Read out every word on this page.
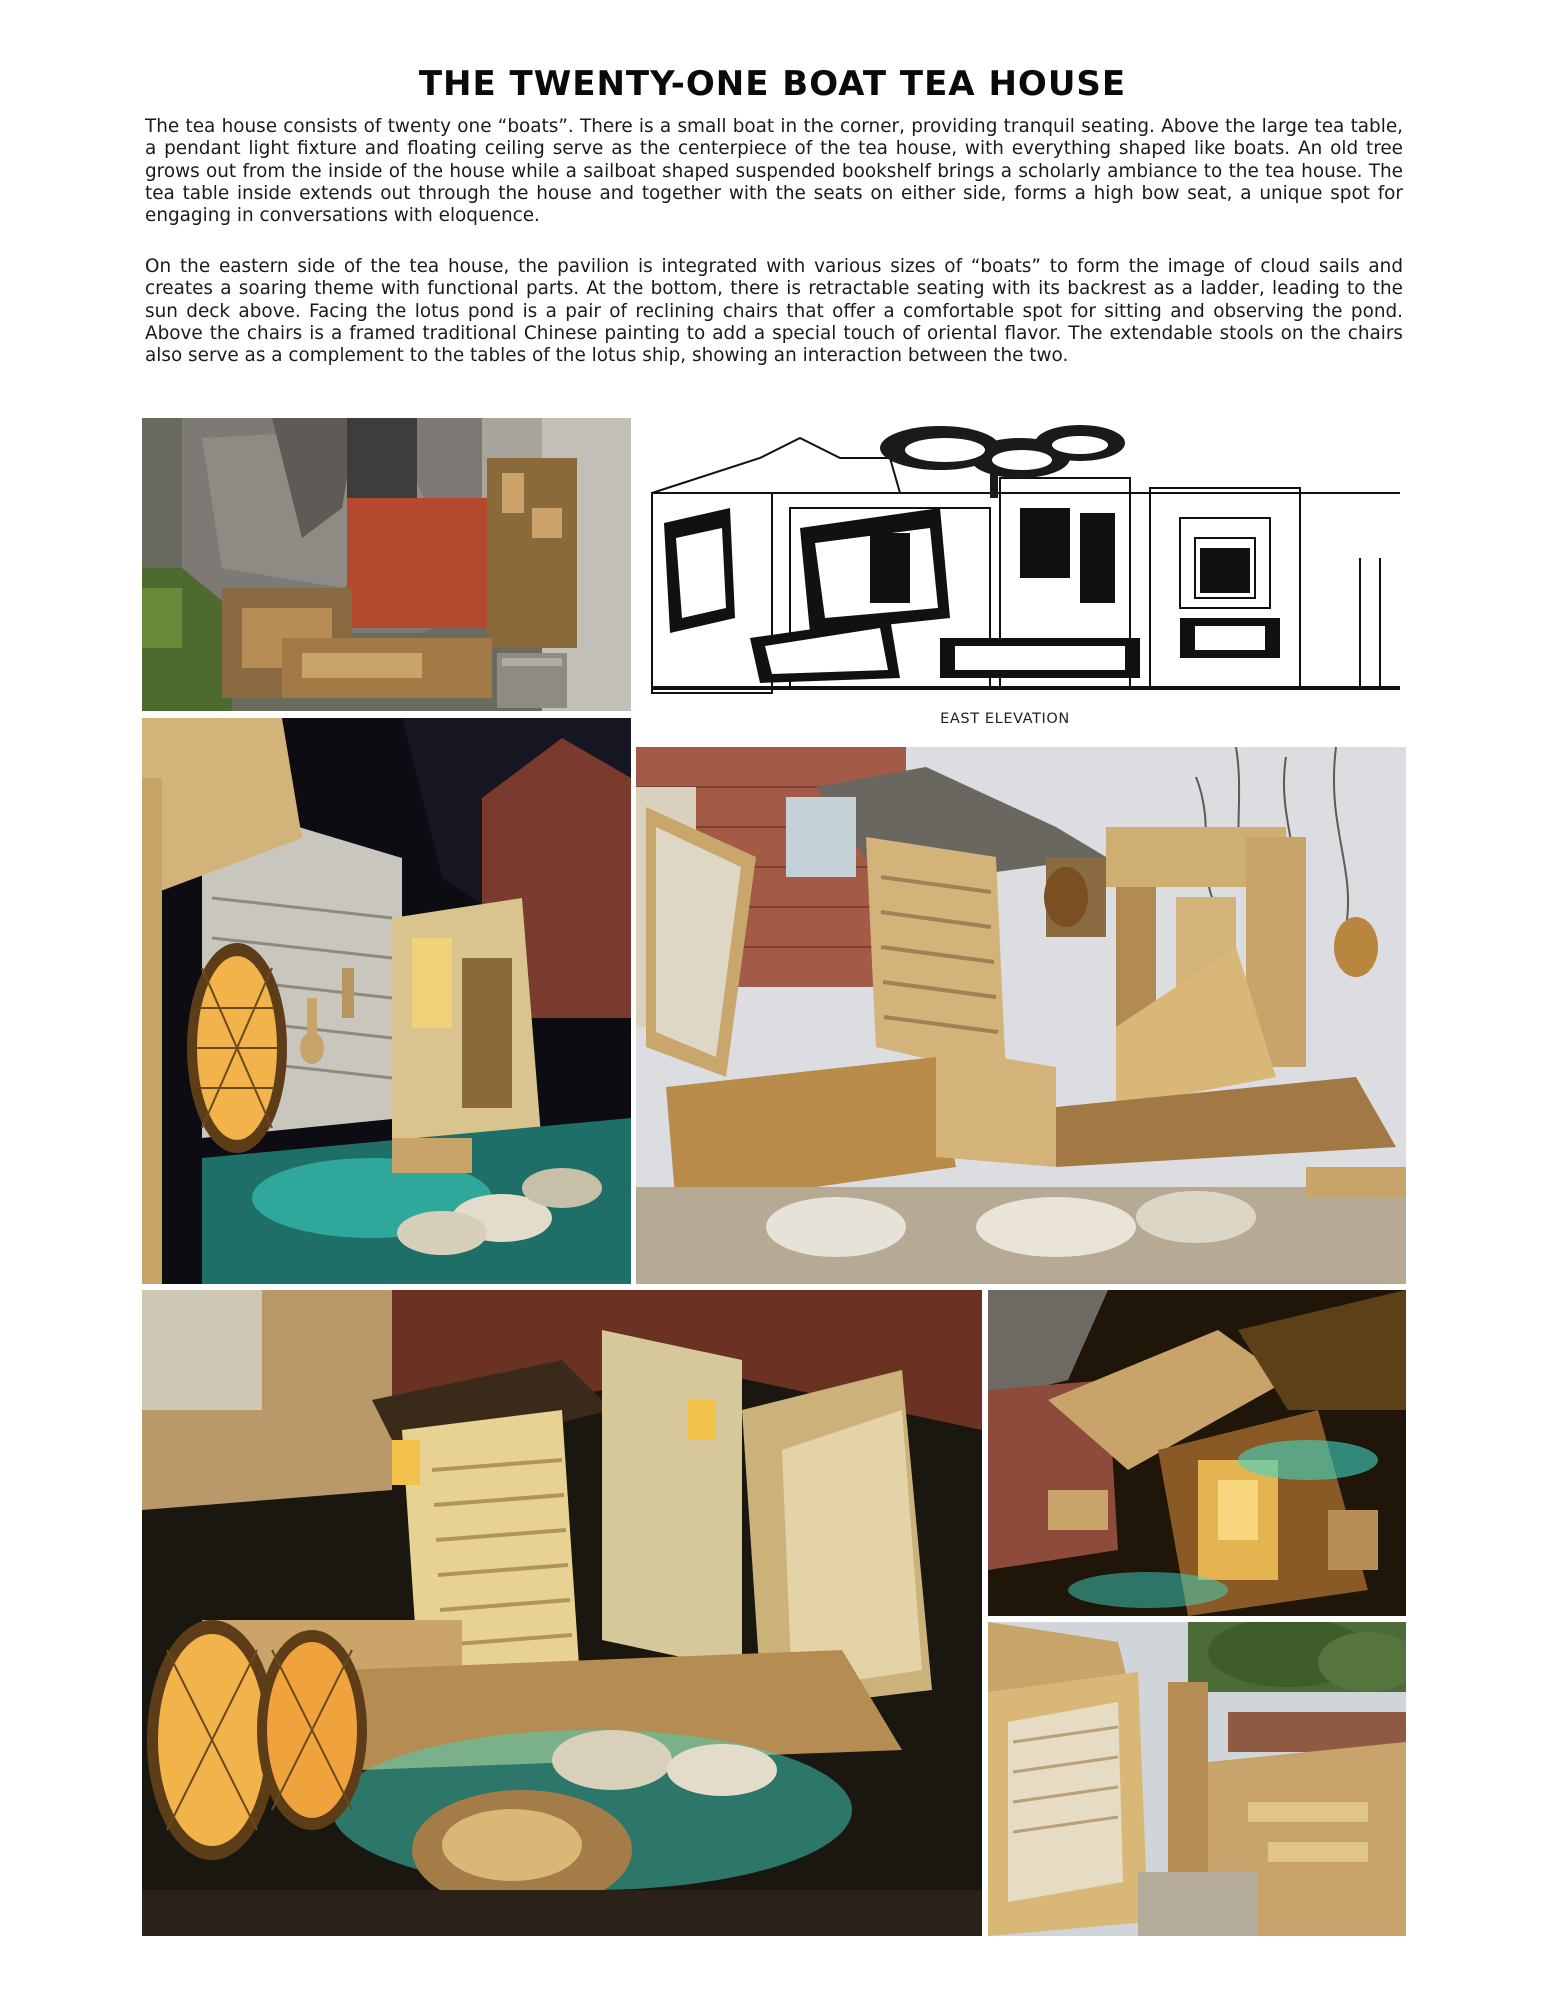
THE TWENTY-ONE BOAT TEA HOUSE

The tea house consists of twenty one “boats”. There is a small boat in the corner, providing tranquil seating. Above the large tea table, a pendant light fixture and floating ceiling serve as the centerpiece of the tea house, with everything shaped like boats. An old tree grows out from the inside of the house while a sailboat shaped suspended bookshelf brings a scholarly ambiance to the tea house. The tea table inside extends out through the house and together with the seats on either side, forms a high bow seat, a unique spot for engaging in conversations with eloquence.

On the eastern side of the tea house, the pavilion is integrated with various sizes of “boats” to form the image of cloud sails and creates a soaring theme with functional parts. At the bottom, there is retractable seating with its backrest as a ladder, leading to the sun deck above. Facing the lotus pond is a pair of reclining chairs that offer a comfortable spot for sitting and observing the pond. Above the chairs is a framed traditional Chinese painting to add a special touch of oriental flavor. The extendable stools on the chairs also serve as a complement to the tables of the lotus ship, showing an interaction between the two.

EAST ELEVATION
